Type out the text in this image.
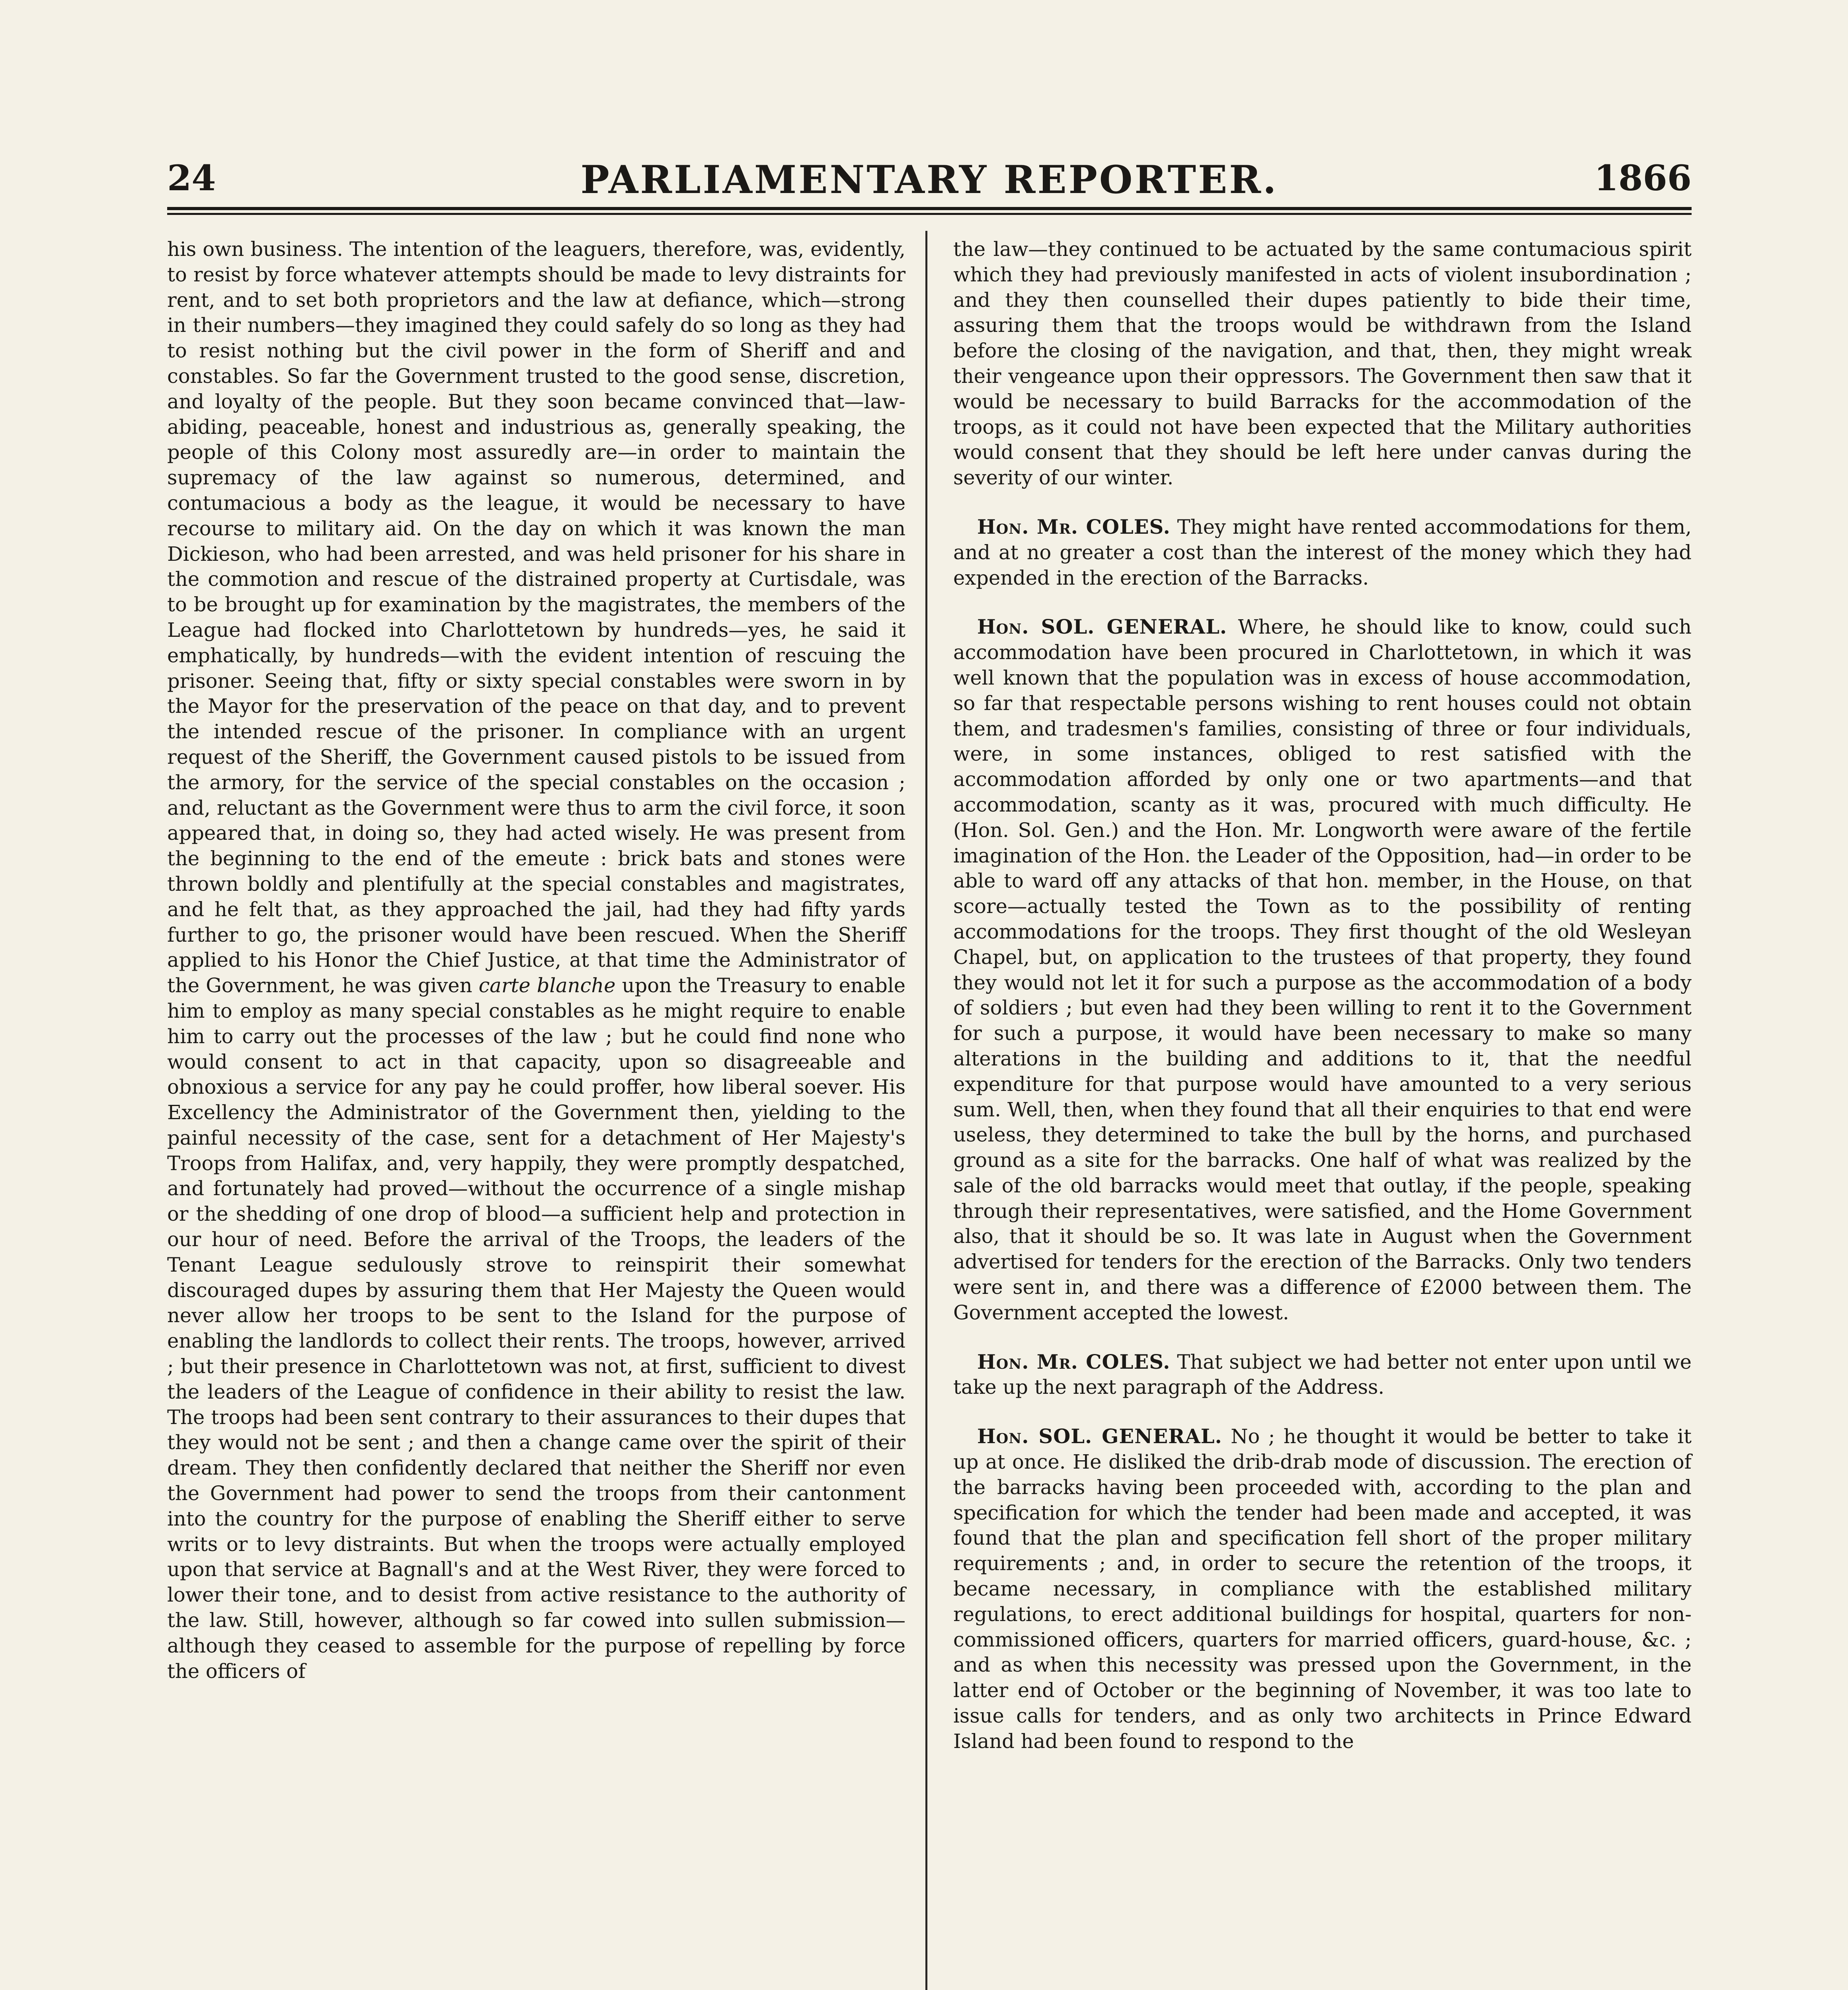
24	PARLIAMENTARY REPORTER.	1866

his own business. The intention of the leaguers, therefore, was, evidently, to resist by force whatever attempts should be made to levy distraints for rent, and to set both proprietors and the law at defiance, which—strong in their numbers—they imagined they could safely do so long as they had to resist nothing but the civil power in the form of Sheriff and and constables. So far the Government trusted to the good sense, discretion, and loyalty of the people. But they soon became convinced that—law-abiding, peaceable, honest and industrious as, generally speaking, the people of this Colony most assuredly are—in order to maintain the supremacy of the law against so numerous, determined, and contumacious a body as the league, it would be necessary to have recourse to military aid. On the day on which it was known the man Dickieson, who had been arrested, and was held prisoner for his share in the commotion and rescue of the distrained property at Curtisdale, was to be brought up for examination by the magistrates, the members of the League had flocked into Charlottetown by hundreds—yes, he said it emphatically, by hundreds—with the evident intention of rescuing the prisoner. Seeing that, fifty or sixty special constables were sworn in by the Mayor for the preservation of the peace on that day, and to prevent the intended rescue of the prisoner. In compliance with an urgent request of the Sheriff, the Government caused pistols to be issued from the armory, for the service of the special constables on the occasion ; and, reluctant as the Government were thus to arm the civil force, it soon appeared that, in doing so, they had acted wisely. He was present from the beginning to the end of the emeute : brick bats and stones were thrown boldly and plentifully at the special constables and magistrates, and he felt that, as they approached the jail, had they had fifty yards further to go, the prisoner would have been rescued. When the Sheriff applied to his Honor the Chief Justice, at that time the Administrator of the Government, he was given carte blanche upon the Treasury to enable him to employ as many special constables as he might require to enable him to carry out the processes of the law ; but he could find none who would consent to act in that capacity, upon so disagreeable and obnoxious a service for any pay he could proffer, how liberal soever. His Excellency the Administrator of the Government then, yielding to the painful necessity of the case, sent for a detachment of Her Majesty's Troops from Halifax, and, very happily, they were promptly despatched, and fortunately had proved—without the occurrence of a single mishap or the shedding of one drop of blood—a sufficient help and protection in our hour of need. Before the arrival of the Troops, the leaders of the Tenant League sedulously strove to reinspirit their somewhat discouraged dupes by assuring them that Her Majesty the Queen would never allow her troops to be sent to the Island for the purpose of enabling the landlords to collect their rents. The troops, however, arrived ; but their presence in Charlottetown was not, at first, sufficient to divest the leaders of the League of confidence in their ability to resist the law. The troops had been sent contrary to their assurances to their dupes that they would not be sent ; and then a change came over the spirit of their dream. They then confidently declared that neither the Sheriff nor even the Government had power to send the troops from their cantonment into the country for the purpose of enabling the Sheriff either to serve writs or to levy distraints. But when the troops were actually employed upon that service at Bagnall's and at the West River, they were forced to lower their tone, and to desist from active resistance to the authority of the law. Still, however, although so far cowed into sullen submission—although they ceased to assemble for the purpose of repelling by force the officers of

the law—they continued to be actuated by the same contumacious spirit which they had previously manifested in acts of violent insubordination ; and they then counselled their dupes patiently to bide their time, assuring them that the troops would be withdrawn from the Island before the closing of the navigation, and that, then, they might wreak their vengeance upon their oppressors. The Government then saw that it would be necessary to build Barracks for the accommodation of the troops, as it could not have been expected that the Military authorities would consent that they should be left here under canvas during the severity of our winter.

Hon. Mr. COLES. They might have rented accommodations for them, and at no greater a cost than the interest of the money which they had expended in the erection of the Barracks.

Hon. SOL. GENERAL. Where, he should like to know, could such accommodation have been procured in Charlottetown, in which it was well known that the population was in excess of house accommodation, so far that respectable persons wishing to rent houses could not obtain them, and tradesmen's families, consisting of three or four individuals, were, in some instances, obliged to rest satisfied with the accommodation afforded by only one or two apartments—and that accommodation, scanty as it was, procured with much difficulty. He (Hon. Sol. Gen.) and the Hon. Mr. Longworth were aware of the fertile imagination of the Hon. the Leader of the Opposition, had—in order to be able to ward off any attacks of that hon. member, in the House, on that score—actually tested the Town as to the possibility of renting accommodations for the troops. They first thought of the old Wesleyan Chapel, but, on application to the trustees of that property, they found they would not let it for such a purpose as the accommodation of a body of soldiers ; but even had they been willing to rent it to the Government for such a purpose, it would have been necessary to make so many alterations in the building and additions to it, that the needful expenditure for that purpose would have amounted to a very serious sum. Well, then, when they found that all their enquiries to that end were useless, they determined to take the bull by the horns, and purchased ground as a site for the barracks. One half of what was realized by the sale of the old barracks would meet that outlay, if the people, speaking through their representatives, were satisfied, and the Home Government also, that it should be so. It was late in August when the Government advertised for tenders for the erection of the Barracks. Only two tenders were sent in, and there was a difference of £2000 between them. The Government accepted the lowest.

Hon. Mr. COLES. That subject we had better not enter upon until we take up the next paragraph of the Address.

Hon. SOL. GENERAL. No ; he thought it would be better to take it up at once. He disliked the drib-drab mode of discussion. The erection of the barracks having been proceeded with, according to the plan and specification for which the tender had been made and accepted, it was found that the plan and specification fell short of the proper military requirements ; and, in order to secure the retention of the troops, it became necessary, in compliance with the established military regulations, to erect additional buildings for hospital, quarters for non-commissioned officers, quarters for married officers, guard-house, &c. ; and as when this necessity was pressed upon the Government, in the latter end of October or the beginning of November, it was too late to issue calls for tenders, and as only two architects in Prince Edward Island had been found to respond to the
